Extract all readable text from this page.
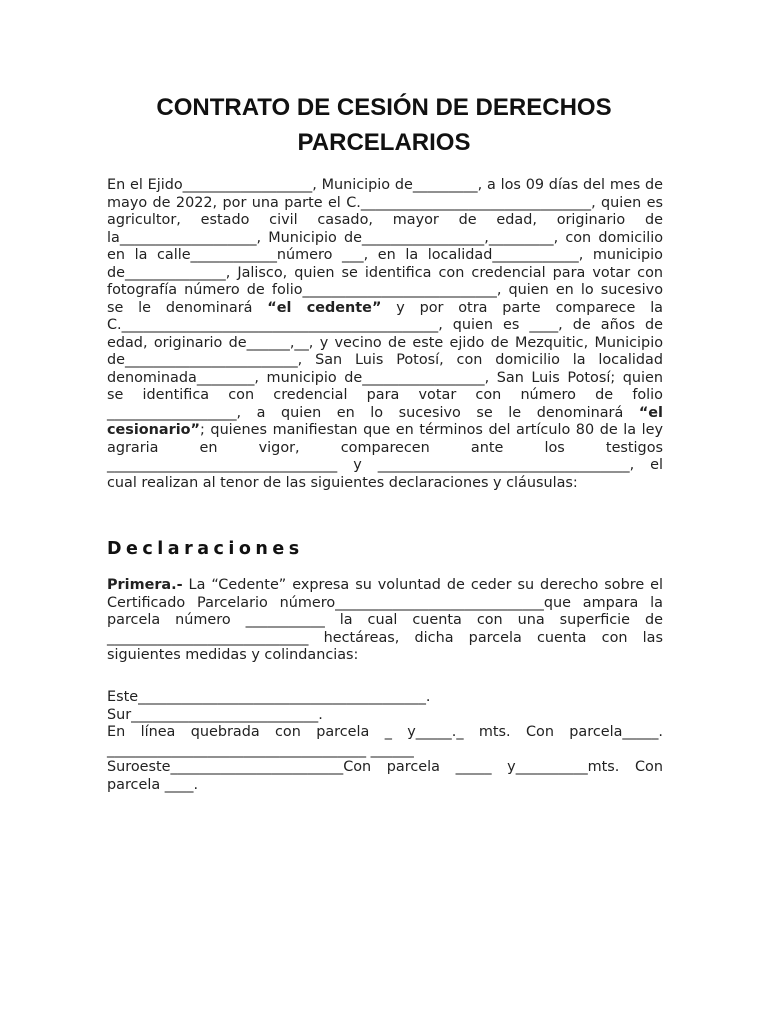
CONTRATO DE CESIÓN DE DERECHOS
PARCELARIOS

En el Ejido__________________, Municipio de_________, a los 09 días del mes de mayo de 2022, por una parte el C.________________________________, quien es agricultor, estado civil casado, mayor de edad, originario de la___________________, Municipio de_________________,_________, con domicilio en la calle____________número ___, en la localidad____________, municipio de______________, Jalisco, quien se identifica con credencial para votar con fotografía número de folio___________________________, quien en lo sucesivo se le denominará “el cedente” y por otra parte comparece la C.____________________________________________, quien es ____, de años de edad, originario de______,__, y vecino de este ejido de Mezquitic, Municipio de________________________, San Luis Potosí, con domicilio la localidad denominada________, municipio de_________________, San Luis Potosí; quien se identifica con credencial para votar con número de folio __________________, a quien en lo sucesivo se le denominará “el cesionario”; quienes manifiestan que en términos del artículo 80 de la ley agraria en vigor, comparecen ante los testigos ________________________________ y ___________________________________, el cual realizan al tenor de las siguientes declaraciones y cláusulas:

Declaraciones

Primera.- La “Cedente” expresa su voluntad de ceder su derecho sobre el Certificado Parcelario número_____________________________que ampara la parcela número ___________ la cual cuenta con una superficie de ____________________________ hectáreas, dicha parcela cuenta con las siguientes medidas y colindancias:

Este________________________________________.
Sur__________________________.
En línea quebrada con parcela _ y_____._ mts. Con parcela_____. ____________________________________ ______
Suroeste________________________Con parcela _____ y__________mts. Con parcela ____.
